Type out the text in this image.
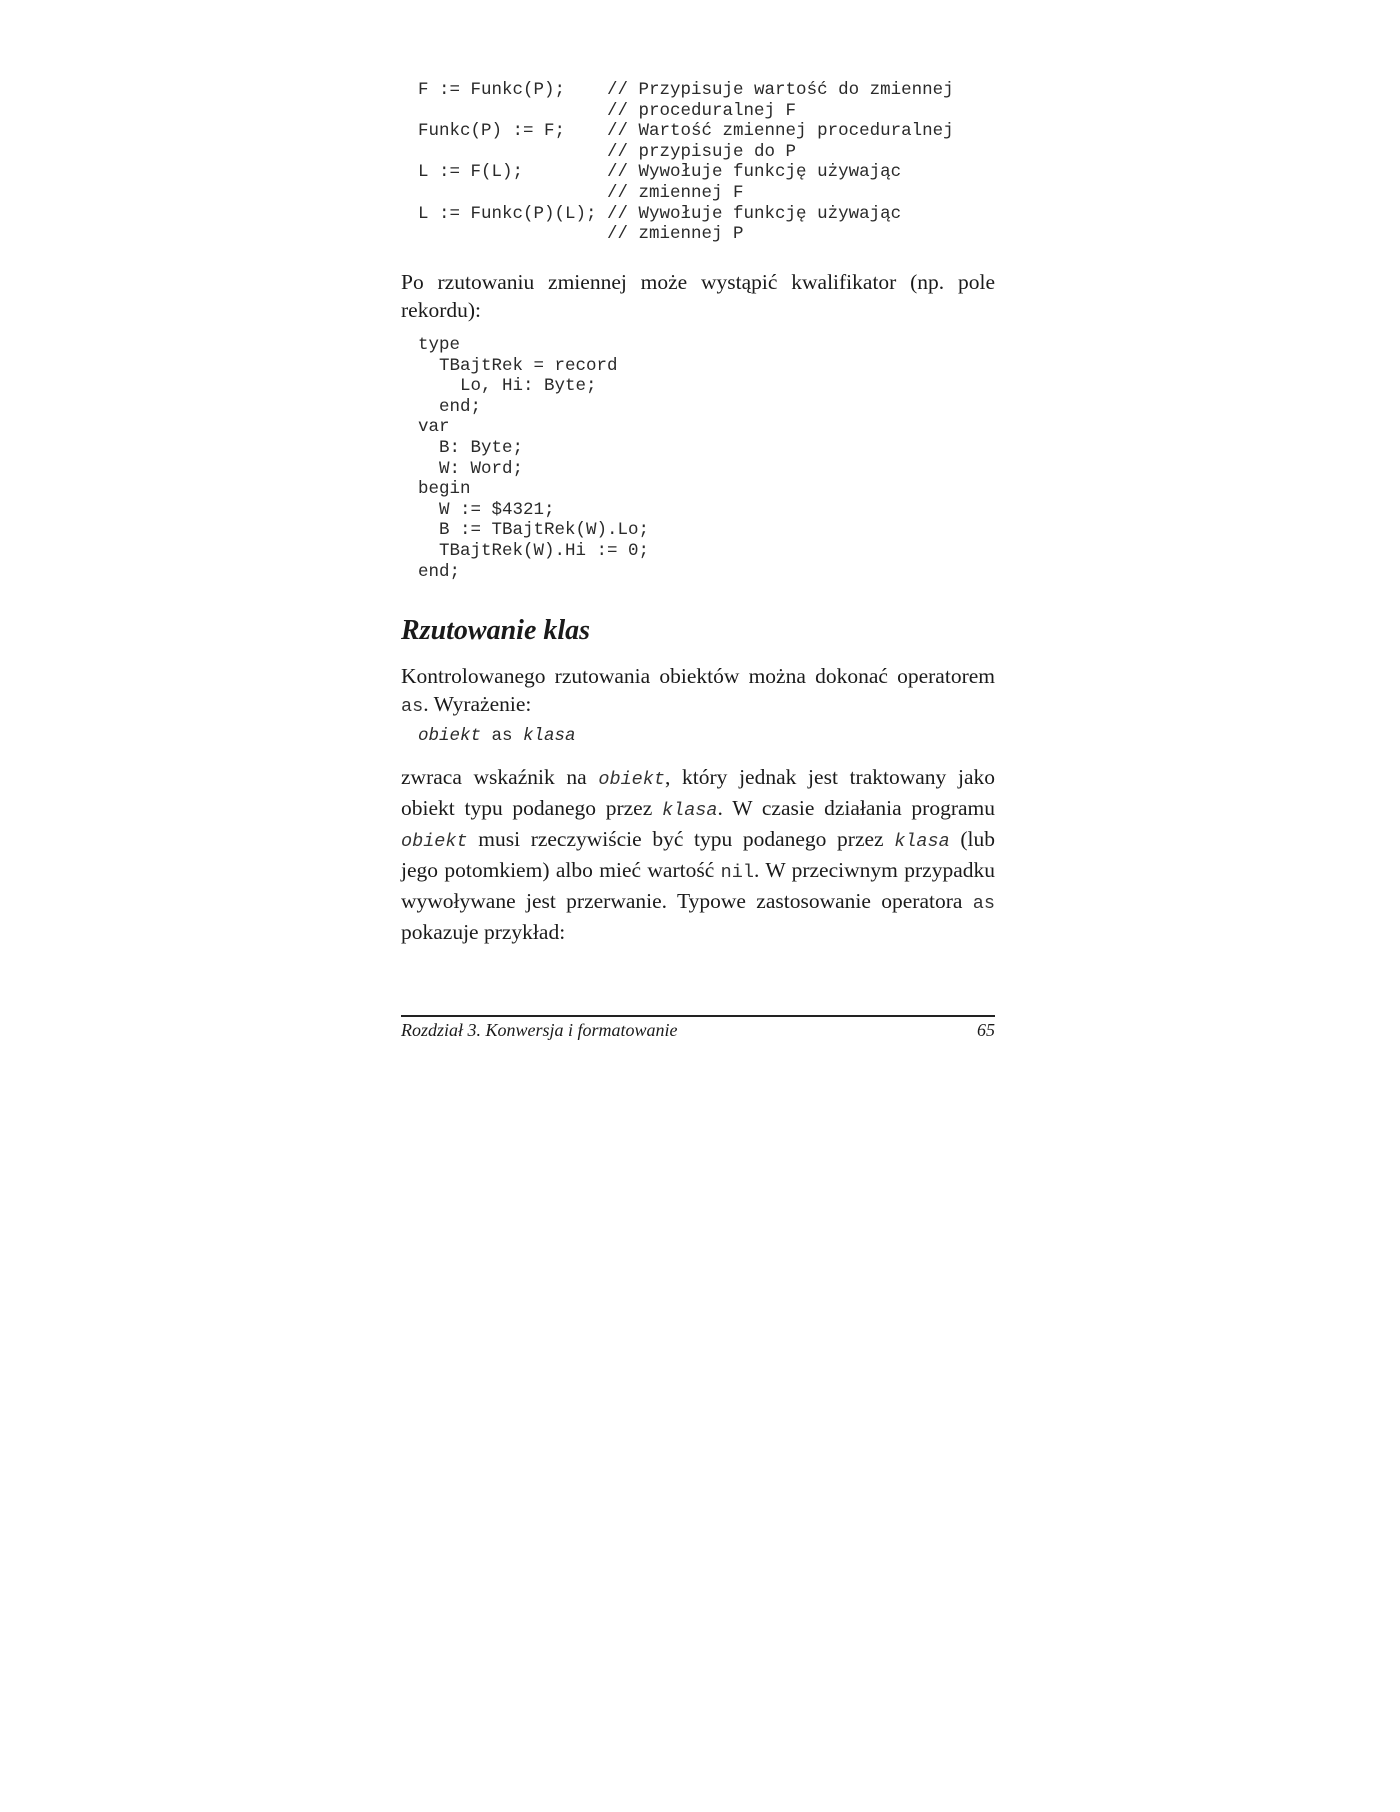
F := Funkc(P);    // Przypisuje wartość do zmiennej
// proceduralnej F
Funkc(P) := F;    // Wartość zmiennej proceduralnej
// przypisuje do P
L := F(L);        // Wywołuje funkcję używając
// zmiennej F
L := Funkc(P)(L); // Wywołuje funkcję używając
// zmiennej P

Po rzutowaniu zmiennej może wystąpić kwalifikator (np. pole rekordu):

type
TBajtRek = record
Lo, Hi: Byte;
end;
var
B: Byte;
W: Word;
begin
W := $4321;
B := TBajtRek(W).Lo;
TBajtRek(W).Hi := 0;
end;
Rzutowanie klas

Kontrolowanego rzutowania obiektów można dokonać operatorem as. Wyrażenie:

obiekt as klasa

zwraca wskaźnik na obiekt, który jednak jest traktowany jako obiekt typu podanego przez klasa. W czasie działania programu obiekt musi rzeczywiście być typu podanego przez klasa (lub jego potomkiem) albo mieć wartość nil. W przeciwnym przypadku wywoływane jest przerwanie. Typowe zastosowanie operatora as pokazuje przykład:

Rozdział 3. Konwersja i formatowanie	65
